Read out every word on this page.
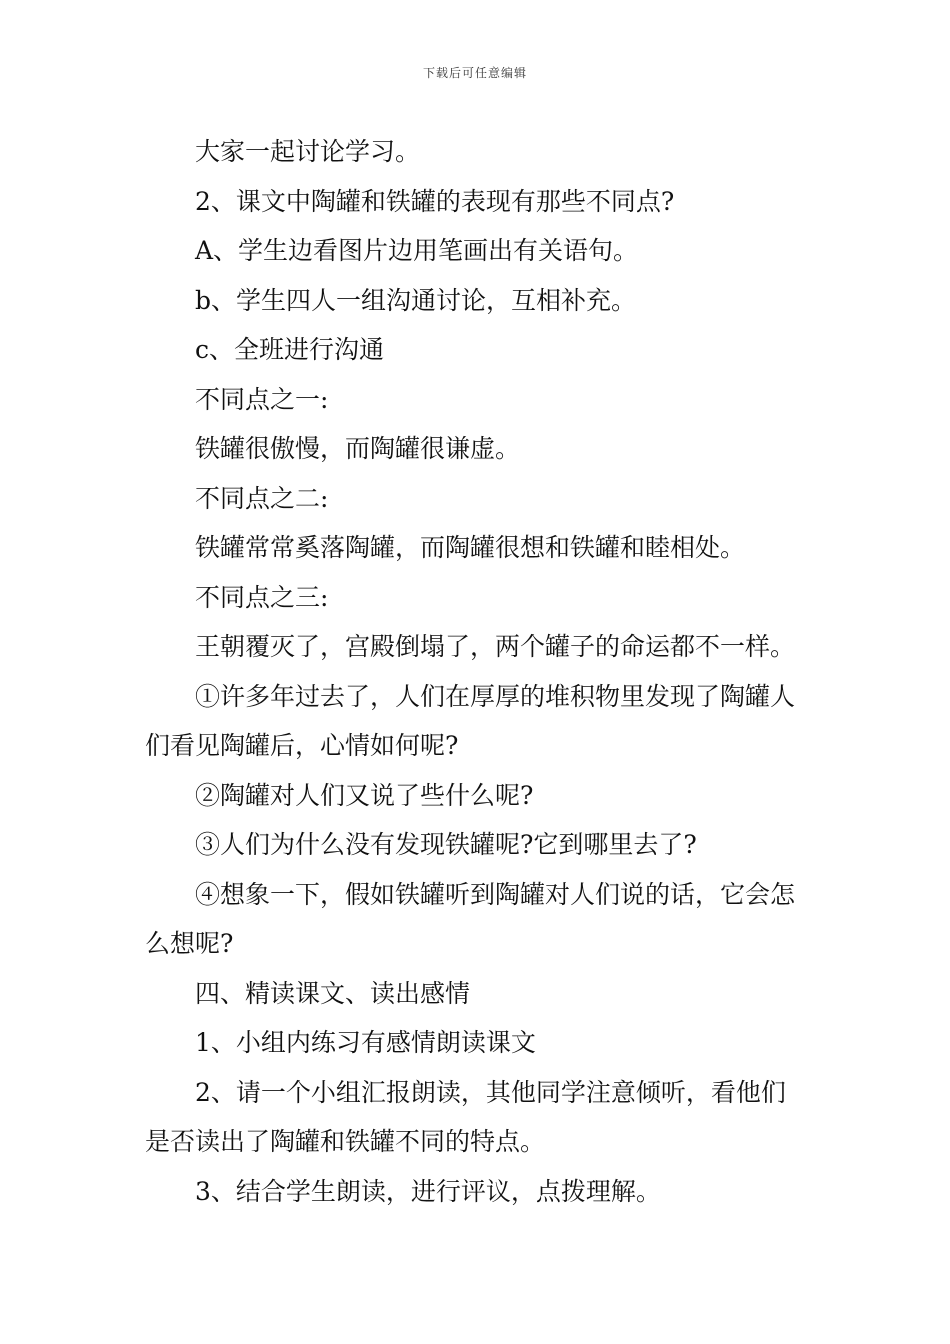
下载后可任意编辑

大家一起讨论学习。

2、课文中陶罐和铁罐的表现有那些不同点?

A、学生边看图片边用笔画出有关语句。

b、学生四人一组沟通讨论，互相补充。

c、全班进行沟通

不同点之一:

铁罐很傲慢，而陶罐很谦虚。

不同点之二:

铁罐常常奚落陶罐，而陶罐很想和铁罐和睦相处。

不同点之三:

王朝覆灭了，宫殿倒塌了，两个罐子的命运都不一样。

①许多年过去了，人们在厚厚的堆积物里发现了陶罐人们看见陶罐后，心情如何呢?

②陶罐对人们又说了些什么呢?

③人们为什么没有发现铁罐呢?它到哪里去了?

④想象一下，假如铁罐听到陶罐对人们说的话，它会怎么想呢?

四、精读课文、读出感情

1、小组内练习有感情朗读课文

2、请一个小组汇报朗读，其他同学注意倾听，看他们是否读出了陶罐和铁罐不同的特点。

3、结合学生朗读，进行评议，点拨理解。
